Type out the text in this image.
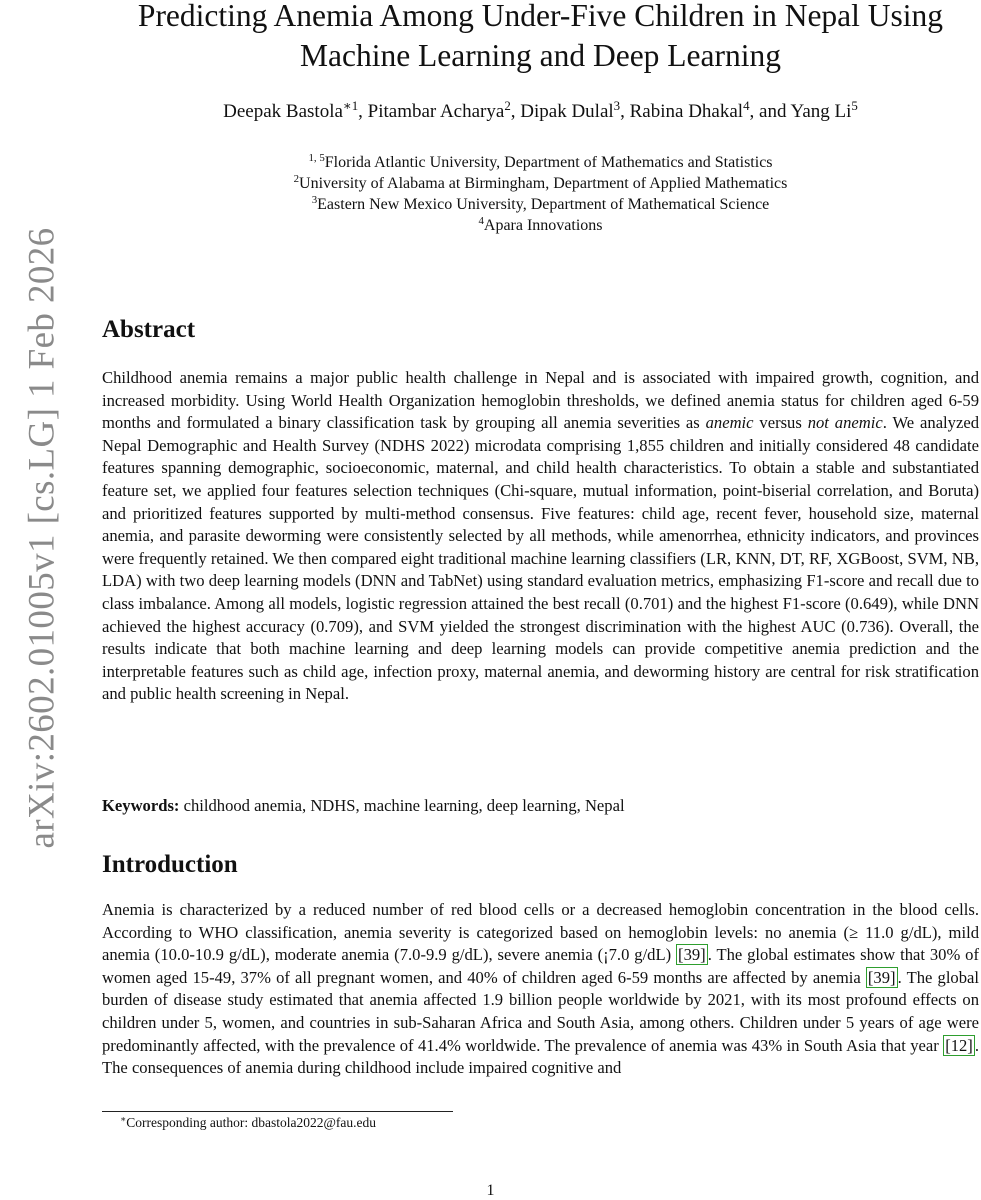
arXiv:2602.01005v1 [cs.LG] 1 Feb 2026
Predicting Anemia Among Under-Five Children in Nepal Using
Machine Learning and Deep Learning
Deepak Bastola$^{∗1}$, Pitambar Acharya$^2$, Dipak Dulal$^3$, Rabina Dhakal$^4$, and Yang Li$^5$
$^{1, 5}$Florida Atlantic University, Department of Mathematics and Statistics
$^2$University of Alabama at Birmingham, Department of Applied Mathematics
$^3$Eastern New Mexico University, Department of Mathematical Science
$^4$Apara Innovations
Abstract

Childhood anemia remains a major public health challenge in Nepal and is associated with impaired growth, cognition, and increased morbidity. Using World Health Organization hemoglobin thresholds, we defined anemia status for children aged 6-59 months and formulated a binary classification task by grouping all anemia severities as anemic versus not anemic. We analyzed Nepal Demographic and Health Survey (NDHS 2022) microdata comprising 1,855 children and initially considered 48 candidate features spanning demographic, socioeconomic, maternal, and child health characteristics. To obtain a stable and substantiated feature set, we applied four features selection techniques (Chi-square, mutual information, point-biserial correlation, and Boruta) and prioritized features supported by multi-method consensus. Five features: child age, recent fever, household size, maternal anemia, and parasite deworming were consistently selected by all methods, while amenorrhea, ethnicity indicators, and provinces were frequently retained. We then compared eight traditional machine learning classifiers (LR, KNN, DT, RF, XGBoost, SVM, NB, LDA) with two deep learning models (DNN and TabNet) using standard evaluation metrics, emphasizing F1-score and recall due to class imbalance. Among all models, logistic regression attained the best recall (0.701) and the highest F1-score (0.649), while DNN achieved the highest accuracy (0.709), and SVM yielded the strongest discrimination with the highest AUC (0.736). Overall, the results indicate that both machine learning and deep learning models can provide competitive anemia prediction and the interpretable features such as child age, infection proxy, maternal anemia, and deworming history are central for risk stratification and public health screening in Nepal.

Keywords: childhood anemia, NDHS, machine learning, deep learning, Nepal

Introduction

Anemia is characterized by a reduced number of red blood cells or a decreased hemoglobin concentration in the blood cells. According to WHO classification, anemia severity is categorized based on hemoglobin levels: no anemia (≥ 11.0 g/dL), mild anemia (10.0-10.9 g/dL), moderate anemia (7.0-9.9 g/dL), severe anemia (¡7.0 g/dL) [39] . The global estimates show that 30% of women aged 15-49, 37% of all pregnant women, and 40% of children aged 6-59 months are affected by anemia [39] . The global burden of disease study estimated that anemia affected 1.9 billion people worldwide by 2021, with its most profound effects on children under 5, women, and countries in sub-Saharan Africa and South Asia, among others. Children under 5 years of age were predominantly affected, with the prevalence of 41.4% worldwide. The prevalence of anemia was 43% in South Asia that year [12] . The consequences of anemia during childhood include impaired cognitive and

∗Corresponding author: dbastola2022@fau.edu
1
